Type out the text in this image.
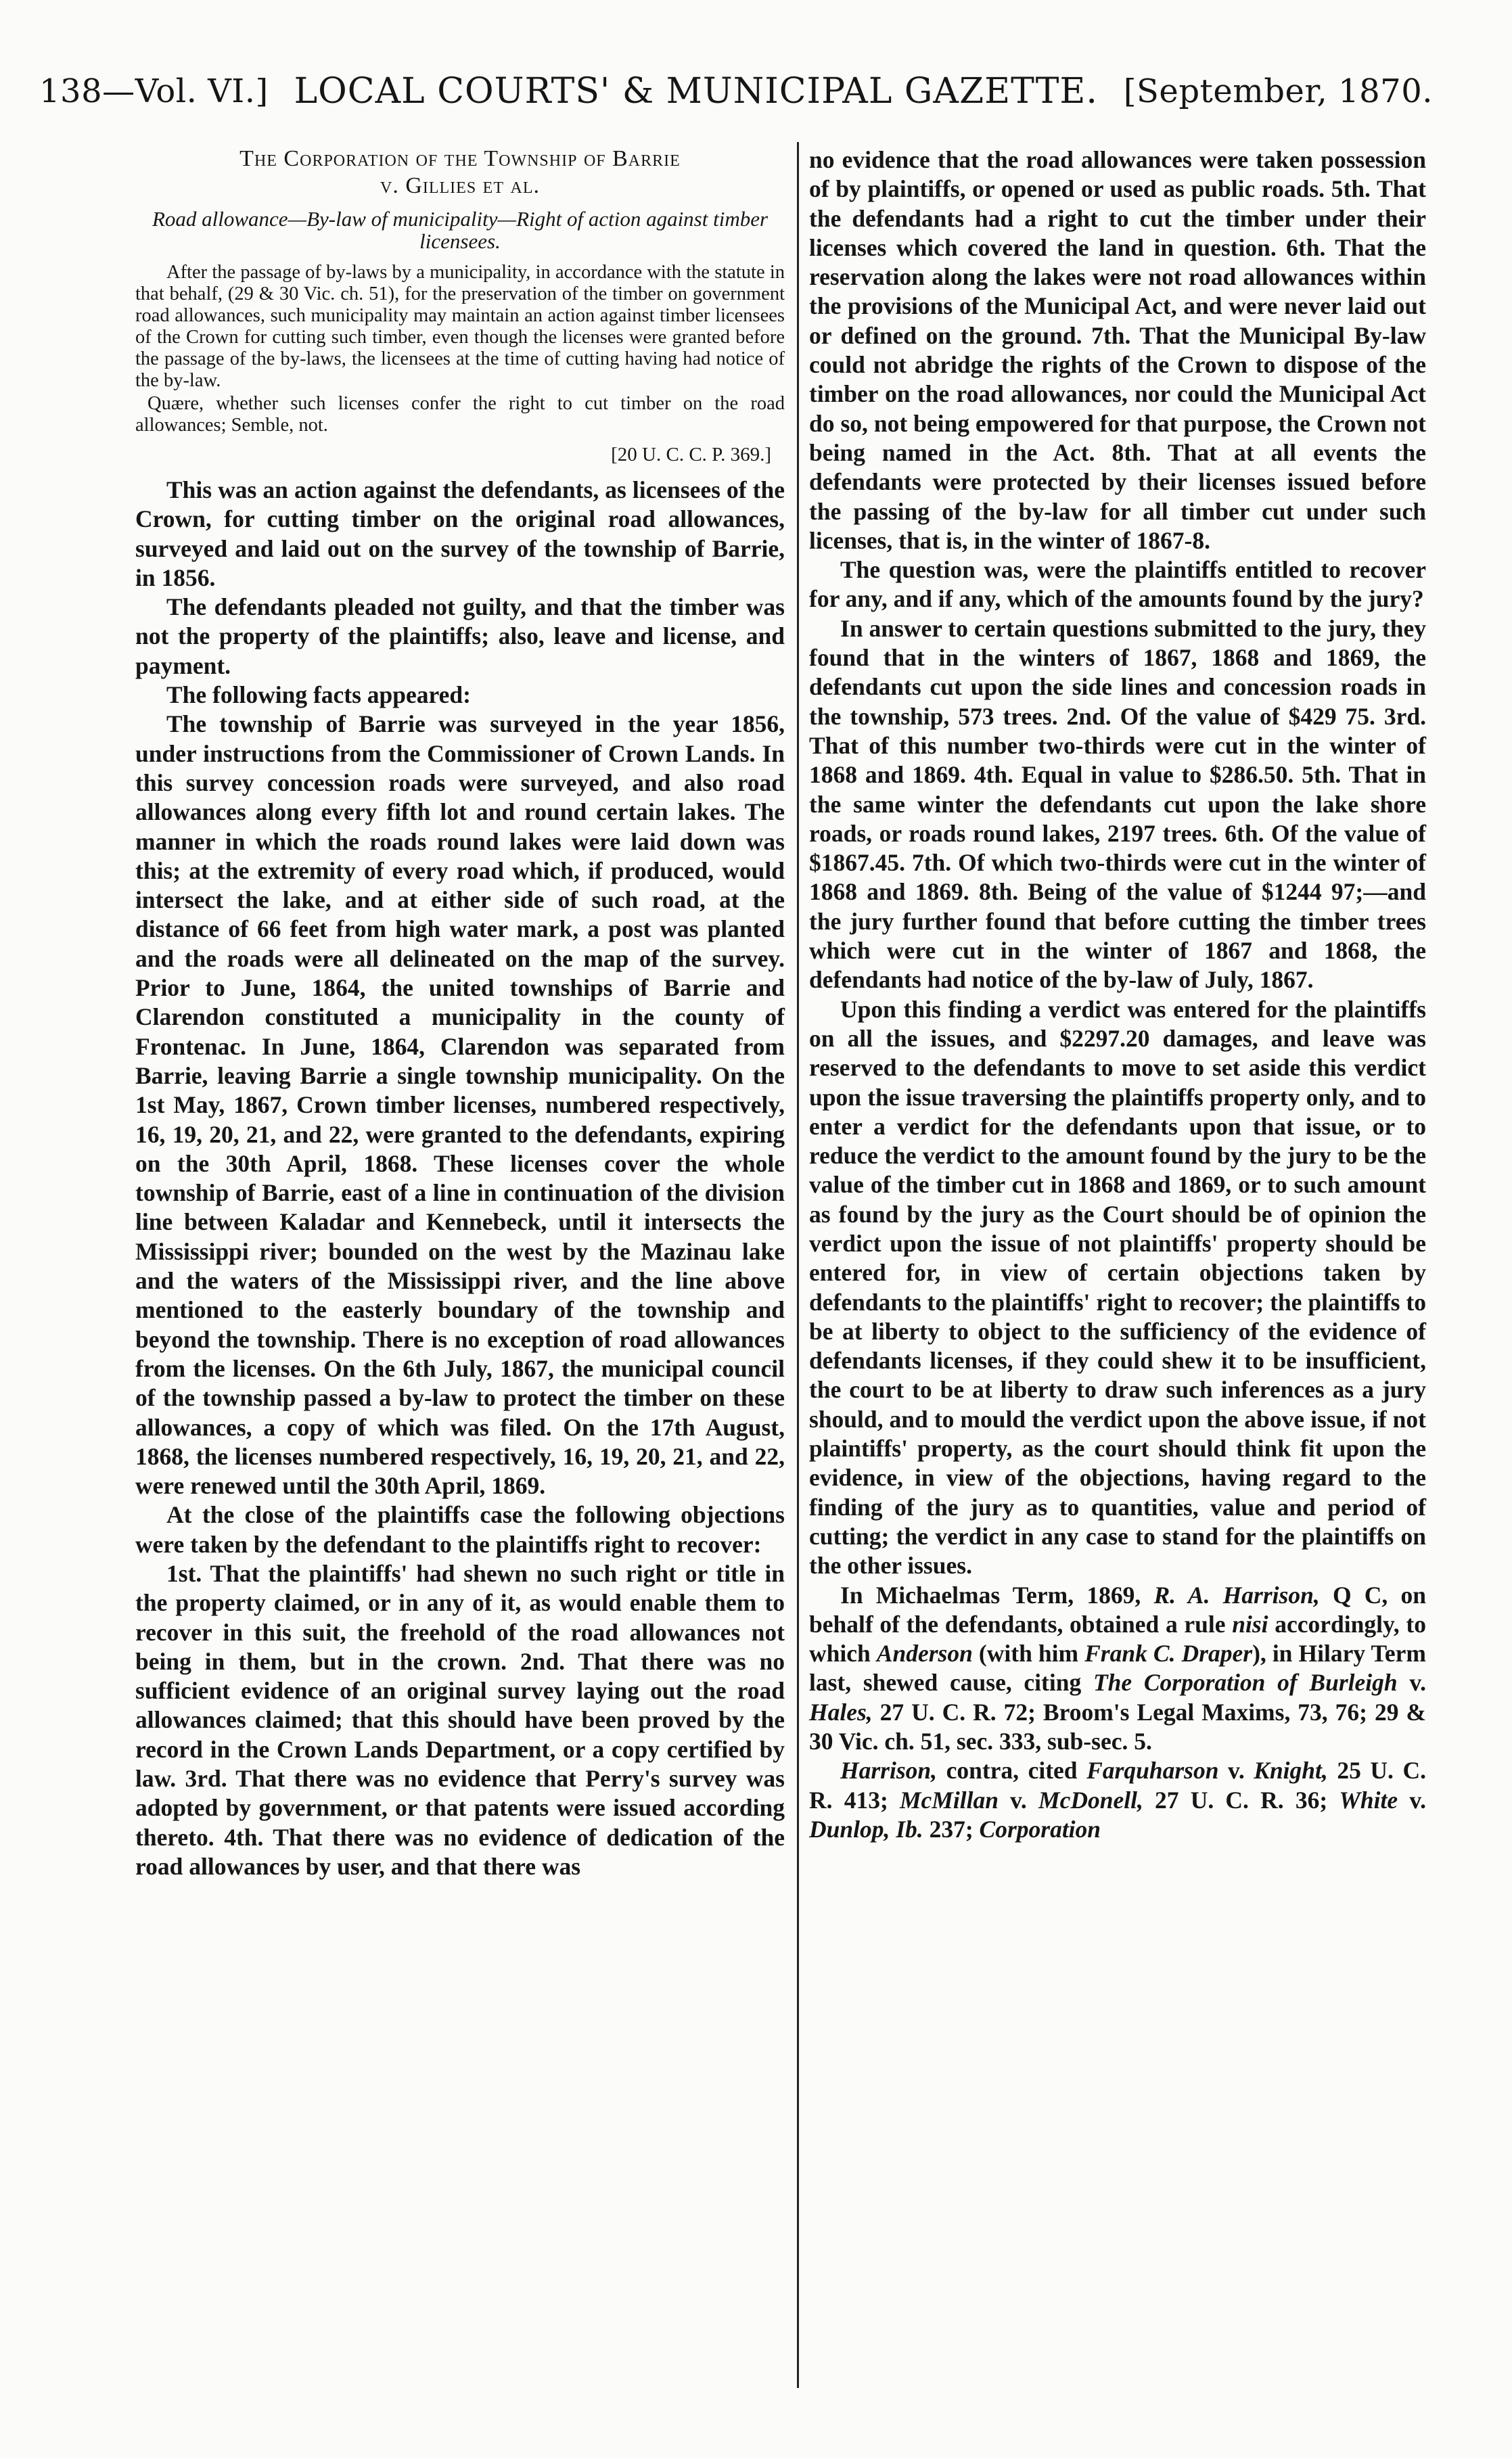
138—Vol. VI.] LOCAL COURTS' & MUNICIPAL GAZETTE. [September, 1870.
The Corporation of the Township of Barrie
v. Gillies et al.
Road allowance—By-law of municipality—Right of action against timber licensees.

After the passage of by-laws by a municipality, in accordance with the statute in that behalf, (29 & 30 Vic. ch. 51), for the preservation of the timber on government road allowances, such municipality may maintain an action against timber licensees of the Crown for cutting such timber, even though the licenses were granted before the passage of the by-laws, the licensees at the time of cutting having had notice of the by-law.

Quære, whether such licenses confer the right to cut timber on the road allowances; Semble, not.

[20 U. C. C. P. 369.]

This was an action against the defendants, as licensees of the Crown, for cutting timber on the original road allowances, surveyed and laid out on the survey of the township of Barrie, in 1856.

The defendants pleaded not guilty, and that the timber was not the property of the plaintiffs; also, leave and license, and payment.

The following facts appeared:

The township of Barrie was surveyed in the year 1856, under instructions from the Commissioner of Crown Lands. In this survey concession roads were surveyed, and also road allowances along every fifth lot and round certain lakes. The manner in which the roads round lakes were laid down was this; at the extremity of every road which, if produced, would intersect the lake, and at either side of such road, at the distance of 66 feet from high water mark, a post was planted and the roads were all delineated on the map of the survey. Prior to June, 1864, the united townships of Barrie and Clarendon constituted a municipality in the county of Frontenac. In June, 1864, Clarendon was separated from Barrie, leaving Barrie a single township municipality. On the 1st May, 1867, Crown timber licenses, numbered respectively, 16, 19, 20, 21, and 22, were granted to the defendants, expiring on the 30th April, 1868. These licenses cover the whole township of Barrie, east of a line in continuation of the division line between Kaladar and Kennebeck, until it intersects the Mississippi river; bounded on the west by the Mazinau lake and the waters of the Mississippi river, and the line above mentioned to the easterly boundary of the township and beyond the township. There is no exception of road allowances from the licenses. On the 6th July, 1867, the municipal council of the township passed a by-law to protect the timber on these allowances, a copy of which was filed. On the 17th August, 1868, the licenses numbered respectively, 16, 19, 20, 21, and 22, were renewed until the 30th April, 1869.

At the close of the plaintiffs case the following objections were taken by the defendant to the plaintiffs right to recover:

1st. That the plaintiffs' had shewn no such right or title in the property claimed, or in any of it, as would enable them to recover in this suit, the freehold of the road allowances not being in them, but in the crown. 2nd. That there was no sufficient evidence of an original survey laying out the road allowances claimed; that this should have been proved by the record in the Crown Lands Department, or a copy certified by law. 3rd. That there was no evidence that Perry's survey was adopted by government, or that patents were issued according thereto. 4th. That there was no evidence of dedication of the road allowances by user, and that there was

no evidence that the road allowances were taken possession of by plaintiffs, or opened or used as public roads. 5th. That the defendants had a right to cut the timber under their licenses which covered the land in question. 6th. That the reservation along the lakes were not road allowances within the provisions of the Municipal Act, and were never laid out or defined on the ground. 7th. That the Municipal By-law could not abridge the rights of the Crown to dispose of the timber on the road allowances, nor could the Municipal Act do so, not being empowered for that purpose, the Crown not being named in the Act. 8th. That at all events the defendants were protected by their licenses issued before the passing of the by-law for all timber cut under such licenses, that is, in the winter of 1867-8.

The question was, were the plaintiffs entitled to recover for any, and if any, which of the amounts found by the jury?

In answer to certain questions submitted to the jury, they found that in the winters of 1867, 1868 and 1869, the defendants cut upon the side lines and concession roads in the township, 573 trees. 2nd. Of the value of $429 75. 3rd. That of this number two-thirds were cut in the winter of 1868 and 1869. 4th. Equal in value to $286.50. 5th. That in the same winter the defendants cut upon the lake shore roads, or roads round lakes, 2197 trees. 6th. Of the value of $1867.45. 7th. Of which two-thirds were cut in the winter of 1868 and 1869. 8th. Being of the value of $1244 97;—and the jury further found that before cutting the timber trees which were cut in the winter of 1867 and 1868, the defendants had notice of the by-law of July, 1867.

Upon this finding a verdict was entered for the plaintiffs on all the issues, and $2297.20 damages, and leave was reserved to the defendants to move to set aside this verdict upon the issue traversing the plaintiffs property only, and to enter a verdict for the defendants upon that issue, or to reduce the verdict to the amount found by the jury to be the value of the timber cut in 1868 and 1869, or to such amount as found by the jury as the Court should be of opinion the verdict upon the issue of not plaintiffs' property should be entered for, in view of certain objections taken by defendants to the plaintiffs' right to recover; the plaintiffs to be at liberty to object to the sufficiency of the evidence of defendants licenses, if they could shew it to be insufficient, the court to be at liberty to draw such inferences as a jury should, and to mould the verdict upon the above issue, if not plaintiffs' property, as the court should think fit upon the evidence, in view of the objections, having regard to the finding of the jury as to quantities, value and period of cutting; the verdict in any case to stand for the plaintiffs on the other issues.

In Michaelmas Term, 1869, R. A. Harrison, Q C, on behalf of the defendants, obtained a rule nisi accordingly, to which Anderson (with him Frank C. Draper), in Hilary Term last, shewed cause, citing The Corporation of Burleigh v. Hales, 27 U. C. R. 72; Broom's Legal Maxims, 73, 76; 29 & 30 Vic. ch. 51, sec. 333, sub-sec. 5.

Harrison, contra, cited Farquharson v. Knight, 25 U. C. R. 413; McMillan v. McDonell, 27 U. C. R. 36; White v. Dunlop, Ib. 237; Corporation
